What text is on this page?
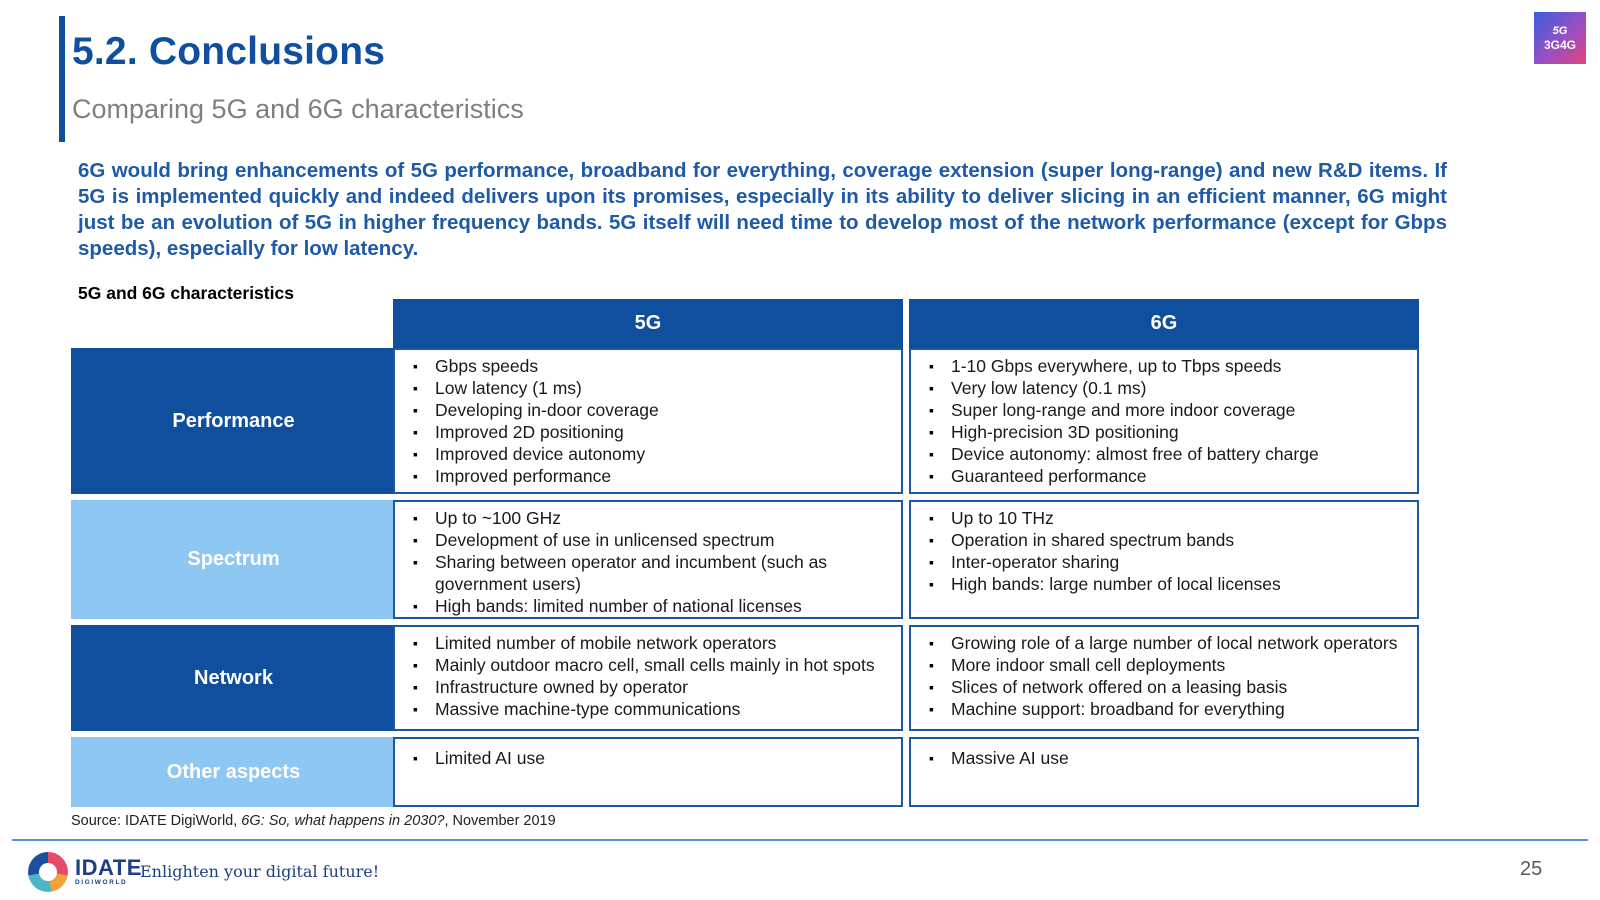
5.2. Conclusions
Comparing 5G and 6G characteristics
5G
3G4G

6G would bring enhancements of 5G performance, broadband for everything, coverage extension (super long-range) and new R&D items. If 5G is implemented quickly and indeed delivers upon its promises, especially in its ability to deliver slicing in an efficient manner, 6G might just be an evolution of 5G in higher frequency bands. 5G itself will need time to develop most of the network performance (except for Gbps speeds), especially for low latency.

5G and 6G characteristics
5G	6G
Performance
▪ Gbps speeds
▪ Low latency (1 ms)
▪ Developing in-door coverage
▪ Improved 2D positioning
▪ Improved device autonomy
▪ Improved performance
▪ 1-10 Gbps everywhere, up to Tbps speeds
▪ Very low latency (0.1 ms)
▪ Super long-range and more indoor coverage
▪ High-precision 3D positioning
▪ Device autonomy: almost free of battery charge
▪ Guaranteed performance
Spectrum
▪ Up to ~100 GHz
▪ Development of use in unlicensed spectrum
▪ Sharing between operator and incumbent (such as government users)
▪ High bands: limited number of national licenses
▪ Up to 10 THz
▪ Operation in shared spectrum bands
▪ Inter-operator sharing
▪ High bands: large number of local licenses
Network
▪ Limited number of mobile network operators
▪ Mainly outdoor macro cell, small cells mainly in hot spots
▪ Infrastructure owned by operator
▪ Massive machine-type communications
▪ Growing role of a large number of local network operators
▪ More indoor small cell deployments
▪ Slices of network offered on a leasing basis
▪ Machine support: broadband for everything
Other aspects
▪ Limited AI use
▪	Massive AI use
Source: IDATE DigiWorld, 6G: So, what happens in 2030?, November 2019
IDATE
DIGIWORLD
Enlighten your digital future!	25
